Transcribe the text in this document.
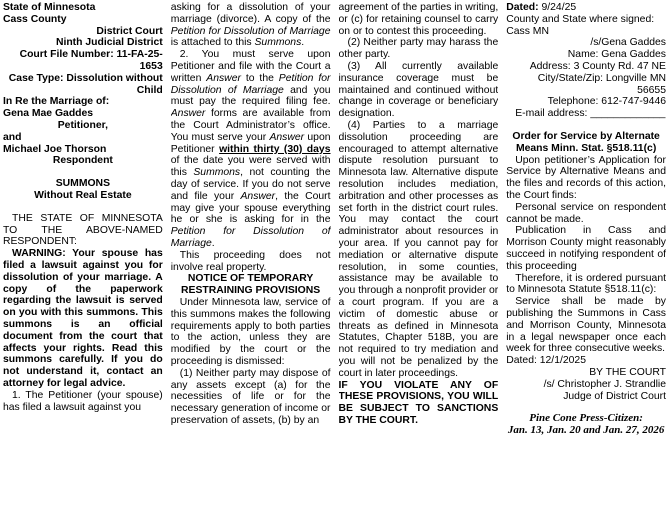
State of Minnesota

Cass County

District Court

Ninth Judicial District

Court File Number: 11-FA-25-
1653

Case Type: Dissolution without
Child

In Re the Marriage of:

Gena Mae Gaddes

Petitioner,

and

Michael Joe Thorson

Respondent

SUMMONS

Without Real Estate

THE STATE OF MINNESOTA TO THE ABOVE-NAMED RESPONDENT:

WARNING: Your spouse has filed a lawsuit against you for dissolution of your marriage. A copy of the paperwork regarding the lawsuit is served on you with this summons. This summons is an official document from the court that affects your rights. Read this summons carefully. If you do not understand it, contact an attorney for legal advice.

1. The Petitioner (your spouse) has filed a lawsuit against you

asking for a dissolution of your marriage (divorce). A copy of the Petition for Dissolution of Marriage is attached to this Summons.

2. You must serve upon Petitioner and file with the Court a written Answer to the Petition for Dissolution of Marriage and you must pay the required filing fee. Answer forms are available from the Court Administrator’s office. You must serve your Answer upon Petitioner within thirty (30) days of the date you were served with this Summons, not counting the day of service. If you do not serve and file your Answer, the Court may give your spouse everything he or she is asking for in the Petition for Dissolution of Marriage.

This proceeding does not involve real property.

NOTICE OF TEMPORARY RESTRAINING PROVISIONS

Under Minnesota law, service of this summons makes the following requirements apply to both parties to the action, unless they are modified by the court or the proceeding is dismissed:

(1) Neither party may dispose of any assets except (a) for the necessities of life or for the necessary generation of income or preservation of assets, (b) by an

agreement of the parties in writing, or (c) for retaining counsel to carry on or to contest this proceeding.

(2) Neither party may harass the other party.

(3) All currently available insurance coverage must be maintained and continued without change in coverage or beneficiary designation.

(4) Parties to a marriage dissolution proceeding are encouraged to attempt alternative dispute resolution pursuant to Minnesota law. Alternative dispute resolution includes mediation, arbitration and other processes as set forth in the district court rules. You may contact the court administrator about resources in your area. If you cannot pay for mediation or alternative dispute resolution, in some counties, assistance may be available to you through a nonprofit provider or a court program. If you are a victim of domestic abuse or threats as defined in Minnesota Statutes, Chapter 518B, you are not required to try mediation and you will not be penalized by the court in later proceedings.

IF YOU VIOLATE ANY OF THESE PROVISIONS, YOU WILL BE SUBJECT TO SANCTIONS BY THE COURT.

Dated: 9/24/25

County and State where signed:
Cass MN

/s/Gena Gaddes

Name: Gena Gaddes

Address: 3 County Rd. 47 NE

City/State/Zip: Longville MN 56655

Telephone: 612-747-9446

E-mail address: _____________

Order for Service by Alternate Means Minn. Stat. §518.11(c)

Upon petitioner’s Application for Service by Alternative Means and the files and records of this action, the Court finds:

Personal service on respondent cannot be made.

Publication in Cass and Morrison County might reasonably succeed in notifying respondent of this proceeding

Therefore, it is ordered pursuant to Minnesota Statute §518.11(c):

Service shall be made by publishing the Summons in Cass and Morrison County, Minnesota in a legal newspaper once each week for three consecutive weeks.

Dated: 12/1/2025

BY THE COURT

/s/ Christopher J. Strandlie

Judge of District Court

Pine Cone Press-Citizen:
Jan. 13, Jan. 20 and Jan. 27, 2026
